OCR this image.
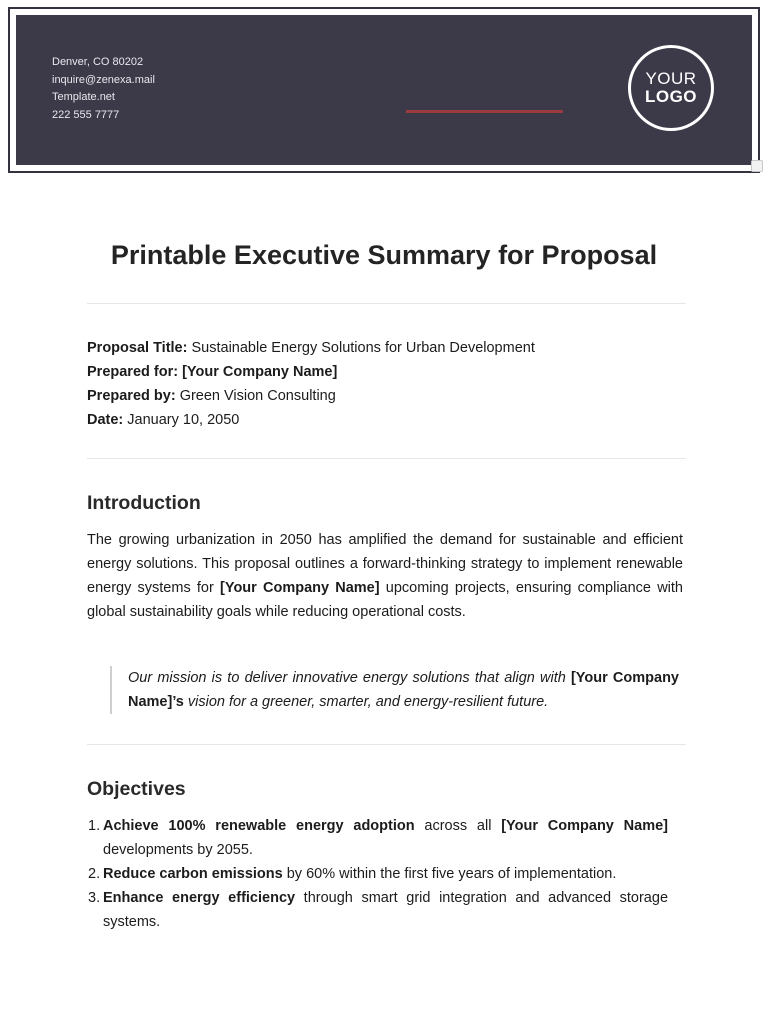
Denver, CO 80202
inquire@zenexa.mail
Template.net
222 555 7777
YOUR
LOGO
Printable Executive Summary for Proposal
Proposal Title: Sustainable Energy Solutions for Urban Development
Prepared for: [Your Company Name]
Prepared by: Green Vision Consulting
Date: January 10, 2050
Introduction

The growing urbanization in 2050 has amplified the demand for sustainable and efficient energy solutions. This proposal outlines a forward-thinking strategy to implement renewable energy systems for [Your Company Name] upcoming projects, ensuring compliance with global sustainability goals while reducing operational costs.

Our mission is to deliver innovative energy solutions that align with [Your Company Name]’s vision for a greener, smarter, and energy-resilient future.
Objectives
1. Achieve 100% renewable energy adoption across all [Your Company Name] developments by 2055.
2. Reduce carbon emissions by 60% within the first five years of implementation.
3. Enhance energy efficiency through smart grid integration and advanced storage systems.
